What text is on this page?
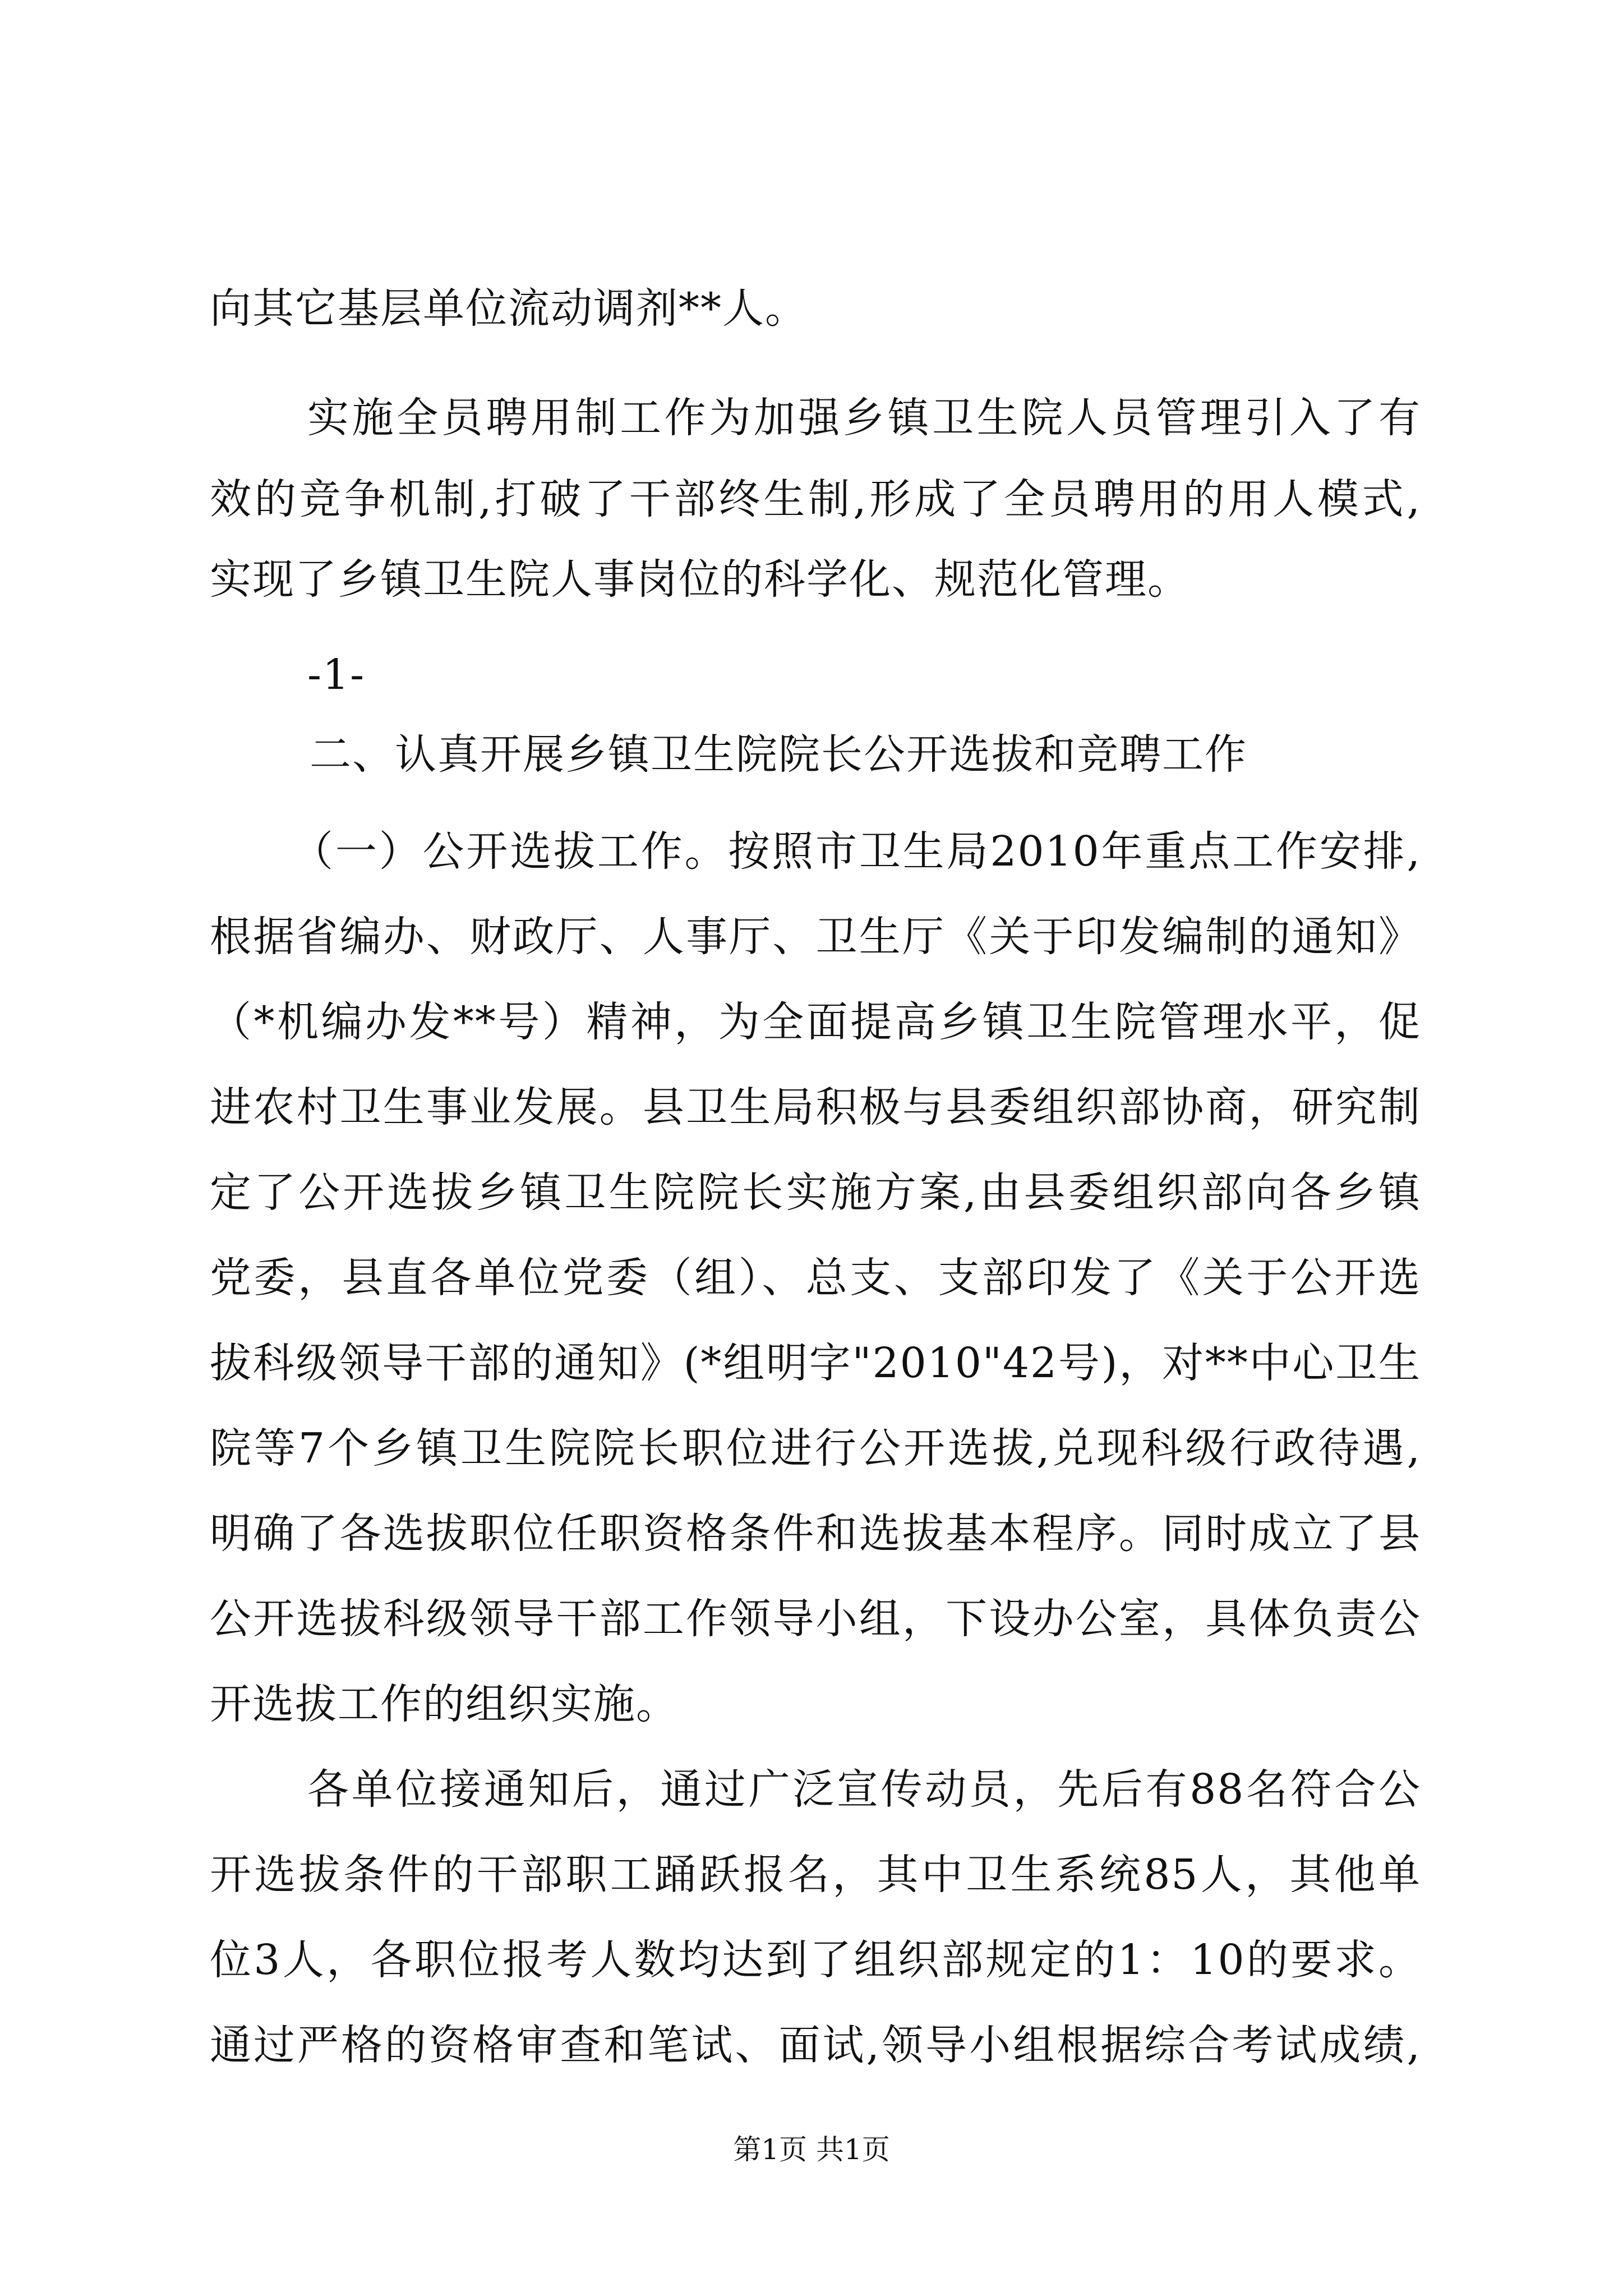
向其它基层单位流动调剂**人。
实施全员聘用制工作为加强乡镇卫生院人员管理引入了有
效的竞争机制,打破了干部终生制,形成了全员聘用的用人模式,
实现了乡镇卫生院人事岗位的科学化、规范化管理。
-1-
二、认真开展乡镇卫生院院长公开选拔和竞聘工作
（一）公开选拔工作。按照市卫生局2010年重点工作安排,
根据省编办、财政厅、人事厅、卫生厅《关于印发编制的通知》
（*机编办发**号）精神，为全面提高乡镇卫生院管理水平，促
进农村卫生事业发展。县卫生局积极与县委组织部协商，研究制
定了公开选拔乡镇卫生院院长实施方案,由县委组织部向各乡镇
党委，县直各单位党委（组）、总支、支部印发了《关于公开选
拔科级领导干部的通知》(*组明字"2010"42号)，对**中心卫生
院等7个乡镇卫生院院长职位进行公开选拔,兑现科级行政待遇,
明确了各选拔职位任职资格条件和选拔基本程序。同时成立了县
公开选拔科级领导干部工作领导小组，下设办公室，具体负责公
开选拔工作的组织实施。
各单位接通知后，通过广泛宣传动员，先后有88名符合公
开选拔条件的干部职工踊跃报名，其中卫生系统85人，其他单
位3人，各职位报考人数均达到了组织部规定的1：10的要求。
通过严格的资格审查和笔试、面试,领导小组根据综合考试成绩,
第1页 共1页
